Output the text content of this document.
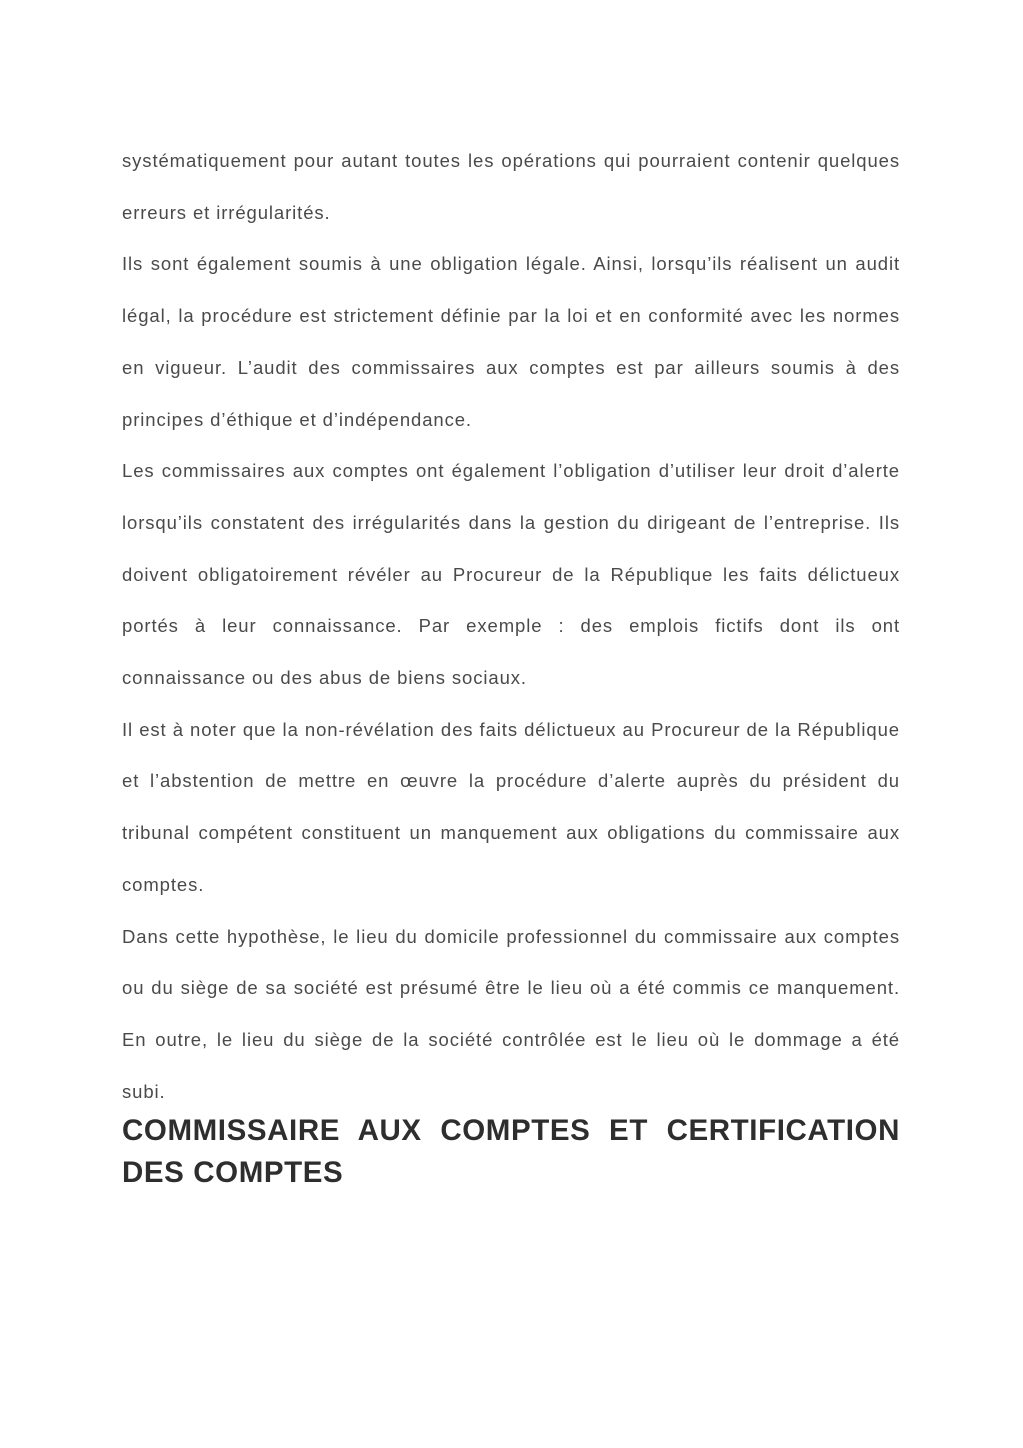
systématiquement pour autant toutes les opérations qui pourraient contenir quelques erreurs et irrégularités.

Ils sont également soumis à une obligation légale. Ainsi, lorsqu’ils réalisent un audit légal, la procédure est strictement définie par la loi et en conformité avec les normes en vigueur. L’audit des commissaires aux comptes est par ailleurs soumis à des principes d’éthique et d’indépendance.

Les commissaires aux comptes ont également l’obligation d’utiliser leur droit d’alerte lorsqu’ils constatent des irrégularités dans la gestion du dirigeant de l’entreprise. Ils doivent obligatoirement révéler au Procureur de la République les faits délictueux portés à leur connaissance. Par exemple : des emplois fictifs dont ils ont connaissance ou des abus de biens sociaux.

Il est à noter que la non-révélation des faits délictueux au Procureur de la République et l’abstention de mettre en œuvre la procédure d’alerte auprès du président du tribunal compétent constituent un manquement aux obligations du commissaire aux comptes.

Dans cette hypothèse, le lieu du domicile professionnel du commissaire aux comptes ou du siège de sa société est présumé être le lieu où a été commis ce manquement. En outre, le lieu du siège de la société contrôlée est le lieu où le dommage a été subi.

COMMISSAIRE AUX COMPTES ET CERTIFICATION DES COMPTES
